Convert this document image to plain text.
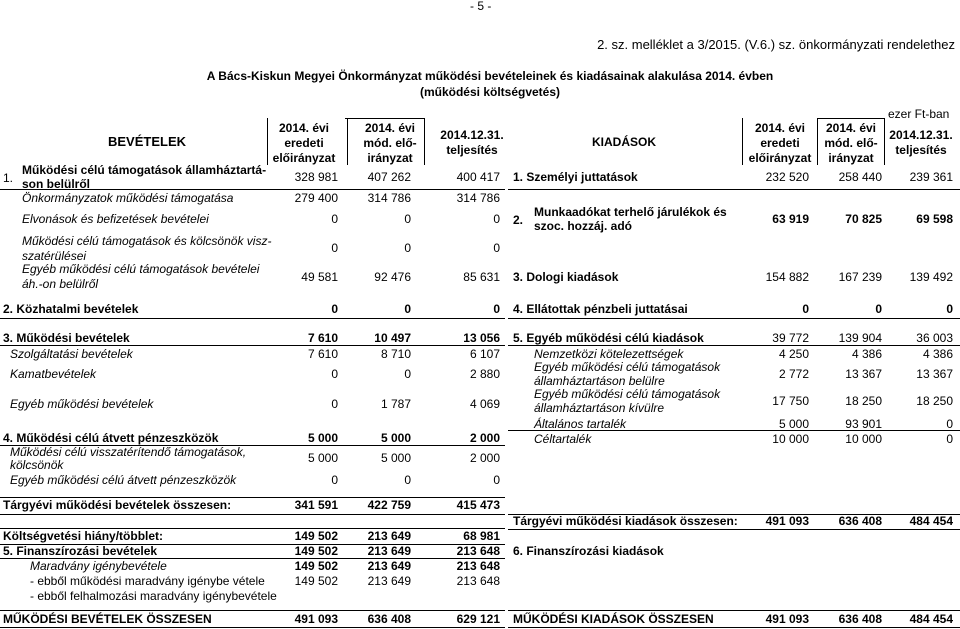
- 5 -
2. sz. melléklet a 3/2015. (V.6.) sz. önkormányzati rendelethez
A Bács-Kiskun Megyei Önkormányzat működési bevételeinek és kiadásainak alakulása 2014. évben
(működési költségvetés)
ezer Ft-ban
BEVÉTELEK
2014. évi
eredeti
előirányzat
2014. évi
mód. elő-
irányzat
2014.12.31.
teljesítés
KIADÁSOK
2014. évi
eredeti
előirányzat
2014. évi
mód. elő-
irányzat
2014.12.31.
teljesítés
1.
Működési célú támogatások államháztartá-
son belülről	328 981	407 262	400 417
Önkormányzatok működési támogatása	279 400	314 786	314 786
Elvonások és befizetések bevételei	0	0	0
Működési célú támogatások és kölcsönök visz-
szatérülései
0	0	0
Egyéb működési célú támogatások bevételei
áh.-on belülről	49 581	92 476	85 631
2. Közhatalmi bevételek	0	0	0
3. Működési bevételek	7 610	10 497	13 056
Szolgáltatási bevételek	7 610	8 710	6 107
Kamatbevételek	0	0	2 880
Egyéb működési bevételek	0	1 787	4 069
4. Működési célú átvett pénzeszközök	5 000	5 000	2 000
Működési célú visszatérítendő támogatások,
kölcsönök	5 000	5 000	2 000
Egyéb működési célú átvett pénzeszközök	0	0	0
Tárgyévi működési bevételek összesen:	341 591	422 759	415 473
Költségvetési hiány/többlet:	149 502	213 649	68 981
5. Finanszírozási bevételek	149 502	213 649	213 648
Maradvány igénybevétele	149 502	213 649	213 648
- ebből működési maradvány igénybe vétele	149 502	213 649	213 648
- ebből felhalmozási maradvány igénybevétele
MŰKÖDÉSI BEVÉTELEK ÖSSZESEN	491 093	636 408	629 121
1. Személyi juttatások	232 520	258 440	239 361
2.
Munkaadókat terhelő járulékok és
szoc. hozzáj. adó	63 919	70 825	69 598
3. Dologi kiadások	154 882	167 239	139 492
4. Ellátottak pénzbeli juttatásai	0	0	0
5. Egyéb működési célú kiadások	39 772	139 904	36 003
Nemzetközi kötelezettségek	4 250	4 386	4 386
Egyéb működési célú támogatások
államháztartáson belülre	2 772	13 367	13 367
Egyéb működési célú támogatások
államháztartáson kívülre	17 750	18 250	18 250
Általános tartalék	5 000	93 901	0
Céltartalék	10 000	10 000	0
Tárgyévi működési kiadások összesen:	491 093	636 408	484 454
6. Finanszírozási kiadások
MŰKÖDÉSI KIADÁSOK ÖSSZESEN	491 093	636 408	484 454
